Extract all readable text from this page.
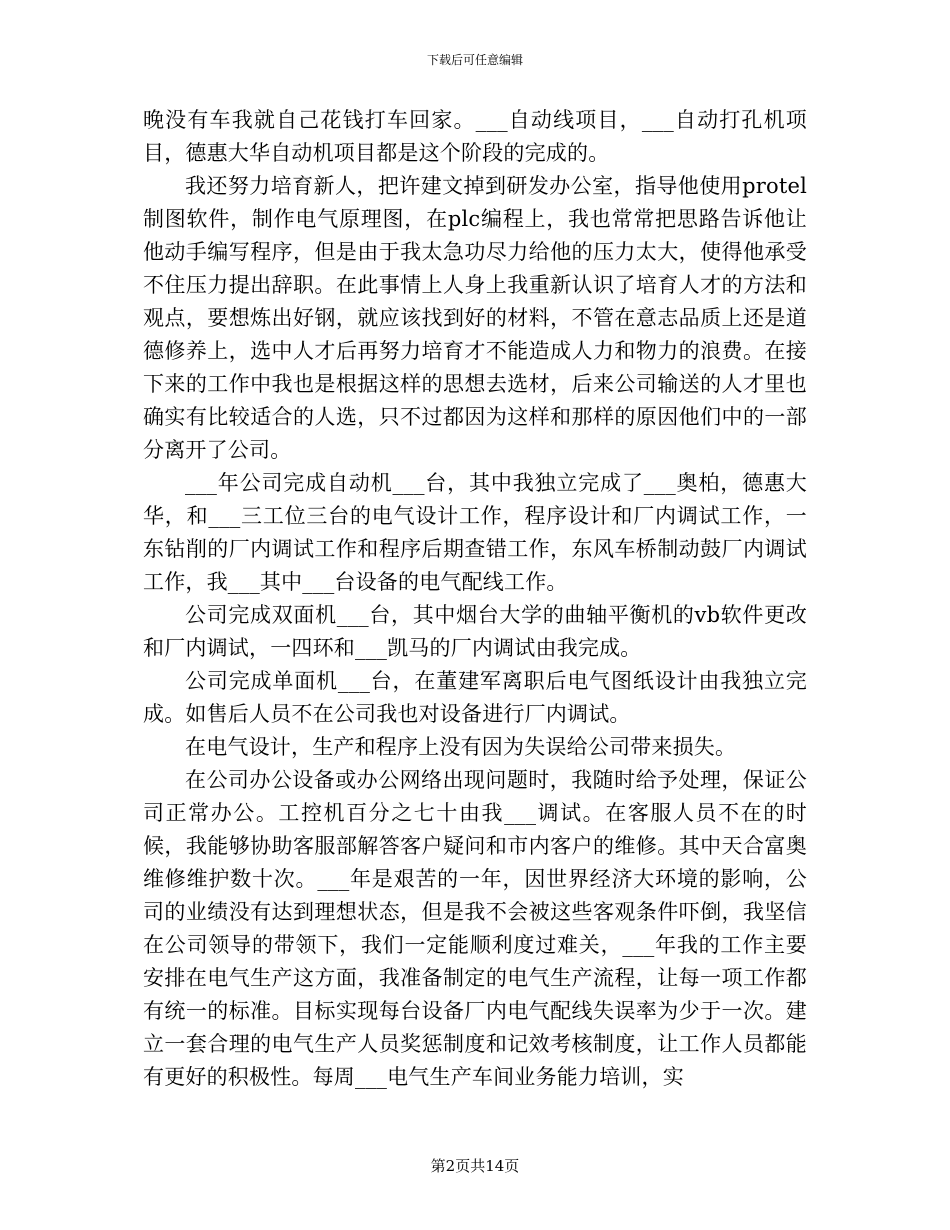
下载后可任意编辑

晚没有车我就自己花钱打车回家。___自动线项目，___自动打孔机项目，德惠大华自动机项目都是这个阶段的完成的。

我还努力培育新人，把许建文掉到研发办公室，指导他使用protel制图软件，制作电气原理图，在plc编程上，我也常常把思路告诉他让他动手编写程序，但是由于我太急功尽力给他的压力太大，使得他承受不住压力提出辞职。在此事情上人身上我重新认识了培育人才的方法和观点，要想炼出好钢，就应该找到好的材料，不管在意志品质上还是道德修养上，选中人才后再努力培育才不能造成人力和物力的浪费。在接下来的工作中我也是根据这样的思想去选材，后来公司输送的人才里也确实有比较适合的人选，只不过都因为这样和那样的原因他们中的一部分离开了公司。

___年公司完成自动机___台，其中我独立完成了___奥柏，德惠大华，和___三工位三台的电气设计工作，程序设计和厂内调试工作，一东钻削的厂内调试工作和程序后期查错工作，东风车桥制动鼓厂内调试工作，我___其中___台设备的电气配线工作。

公司完成双面机___台，其中烟台大学的曲轴平衡机的vb软件更改和厂内调试，一四环和___凯马的厂内调试由我完成。

公司完成单面机___台，在董建军离职后电气图纸设计由我独立完成。如售后人员不在公司我也对设备进行厂内调试。

在电气设计，生产和程序上没有因为失误给公司带来损失。

在公司办公设备或办公网络出现问题时，我随时给予处理，保证公司正常办公。工控机百分之七十由我___调试。在客服人员不在的时候，我能够协助客服部解答客户疑问和市内客户的维修。其中天合富奥维修维护数十次。___年是艰苦的一年，因世界经济大环境的影响，公司的业绩没有达到理想状态，但是我不会被这些客观条件吓倒，我坚信在公司领导的带领下，我们一定能顺利度过难关，___年我的工作主要安排在电气生产这方面，我准备制定的电气生产流程，让每一项工作都有统一的标准。目标实现每台设备厂内电气配线失误率为少于一次。建立一套合理的电气生产人员奖惩制度和记效考核制度，让工作人员都能有更好的积极性。每周___电气生产车间业务能力培训，实

第2页共14页
